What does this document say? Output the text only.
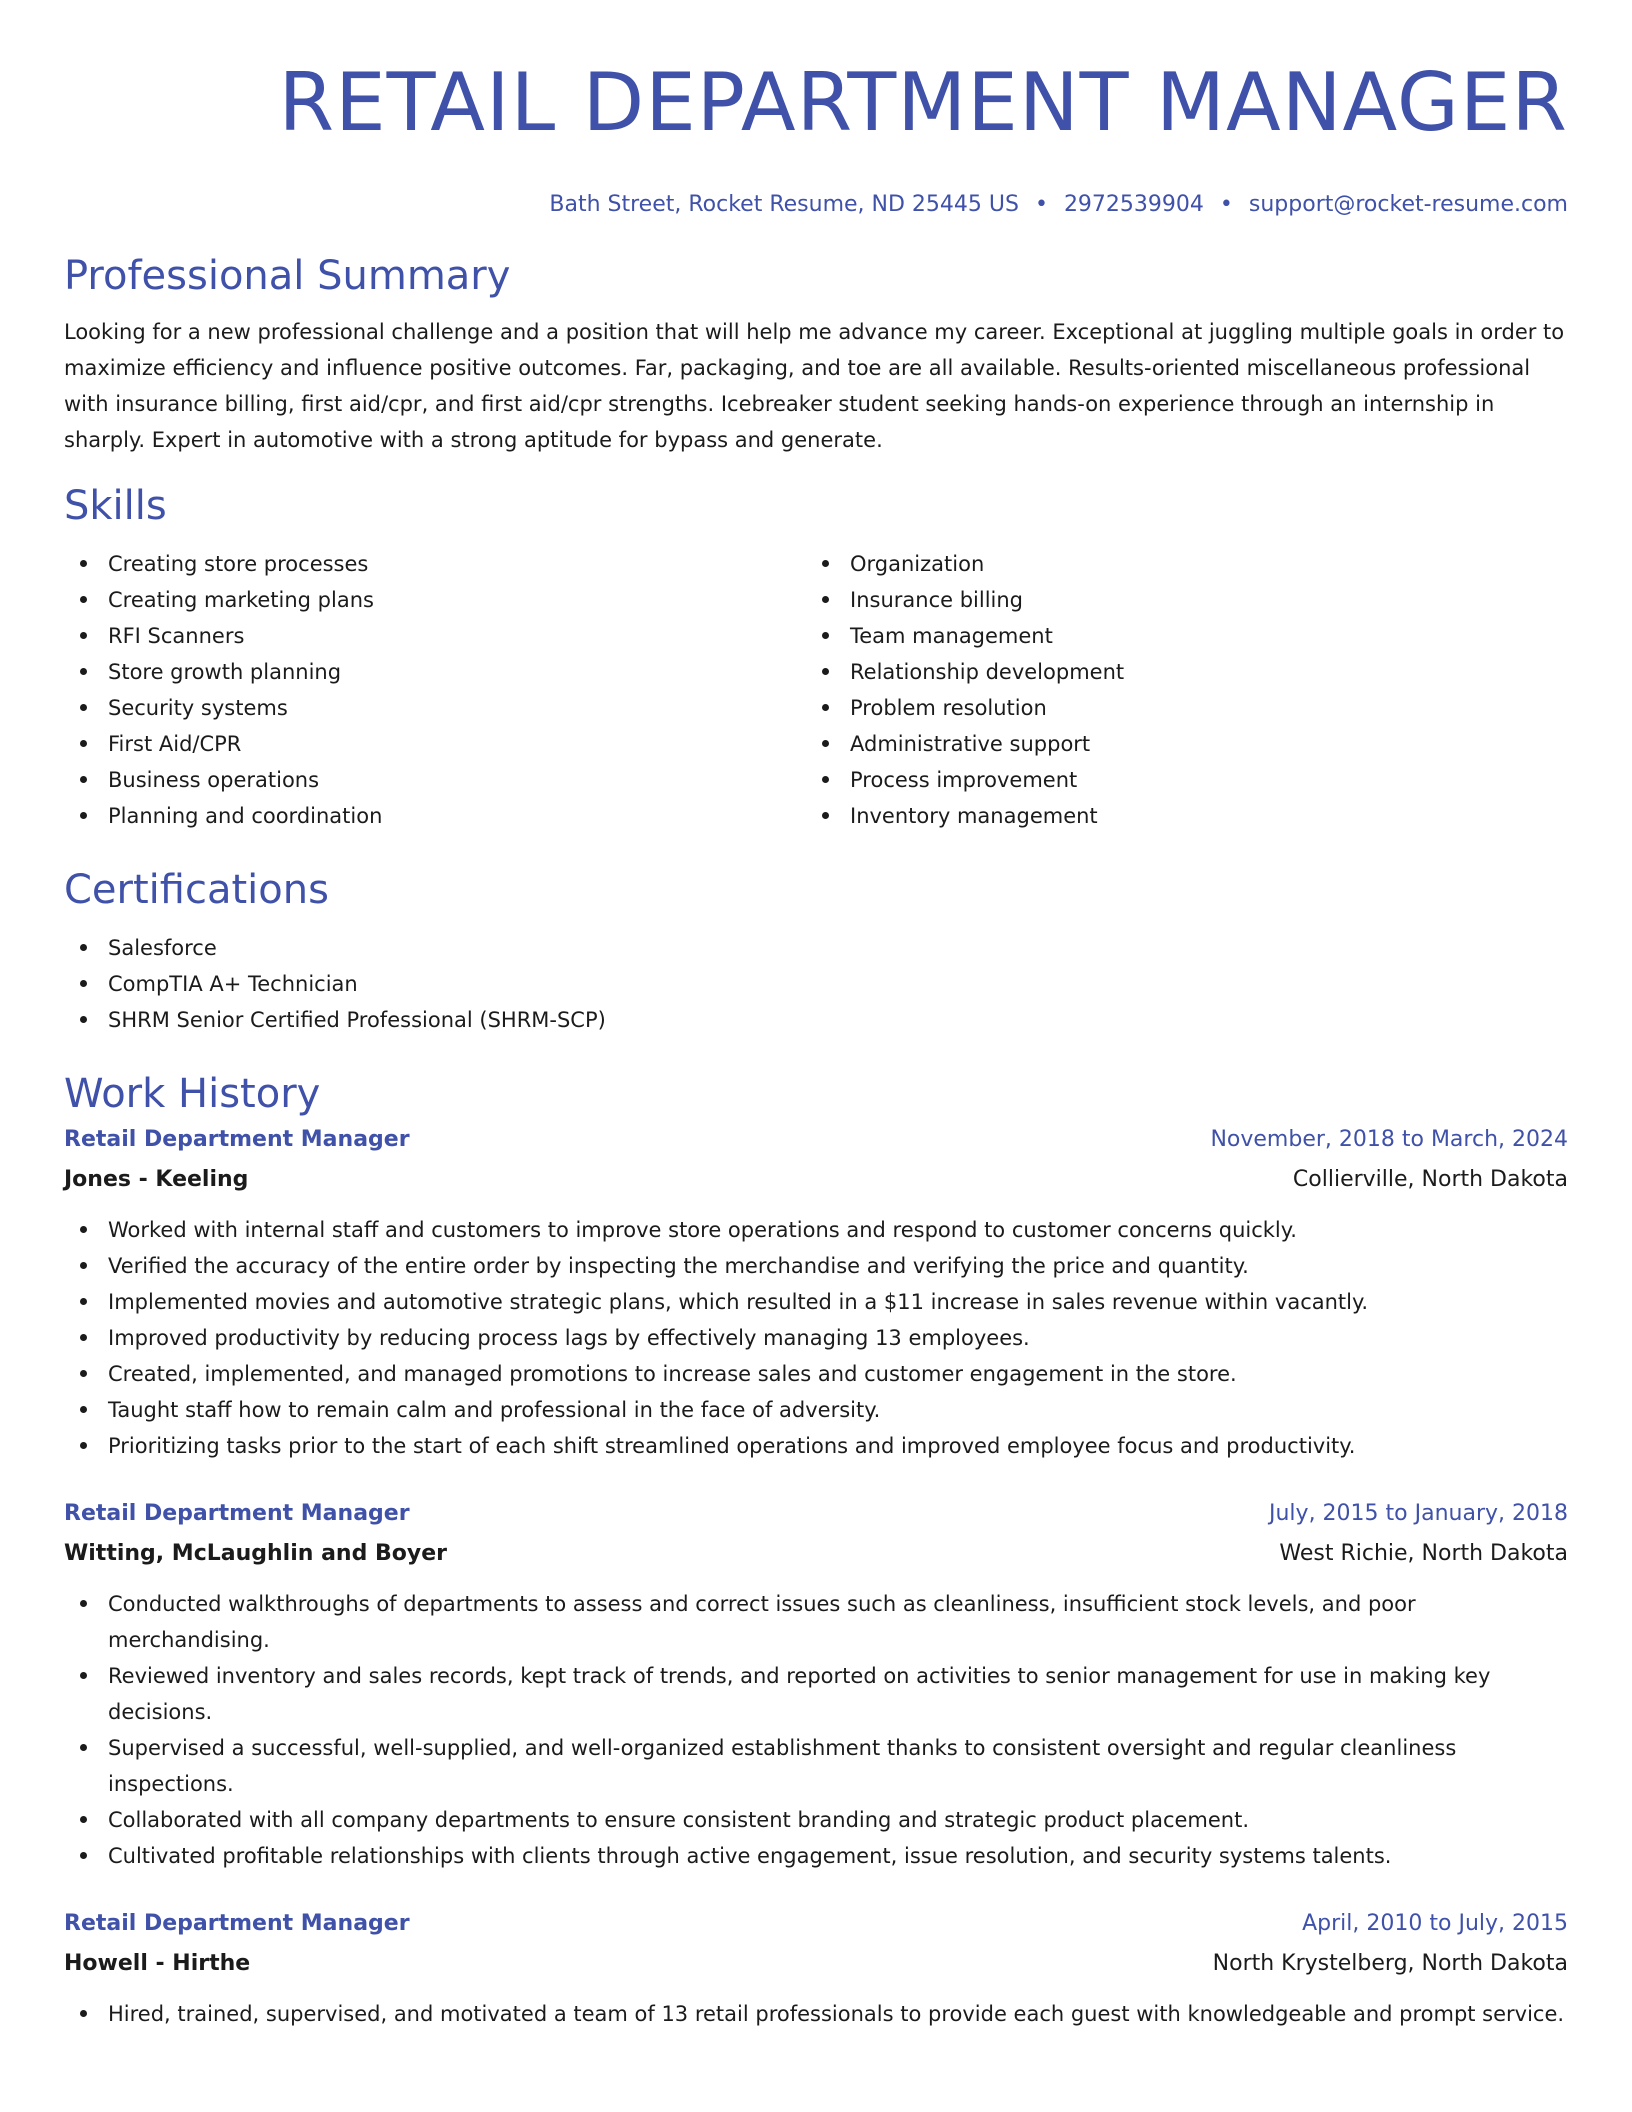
RETAIL DEPARTMENT MANAGER
Bath Street, Rocket Resume, ND 25445 US • 2972539904 • support@rocket-resume.com
Professional Summary
Looking for a new professional challenge and a position that will help me advance my career. Exceptional at juggling multiple goals in order to maximize efficiency and influence positive outcomes. Far, packaging, and toe are all available. Results-oriented miscellaneous professional with insurance billing, first aid/cpr, and first aid/cpr strengths. Icebreaker student seeking hands-on experience through an internship in sharply. Expert in automotive with a strong aptitude for bypass and generate.
Skills
Creating store processes
Creating marketing plans
RFI Scanners
Store growth planning
Security systems
First Aid/CPR
Business operations
Planning and coordination
Organization
Insurance billing
Team management
Relationship development
Problem resolution
Administrative support
Process improvement
Inventory management
Certifications
Salesforce
CompTIA A+ Technician
SHRM Senior Certified Professional (SHRM-SCP)
Work History
Retail Department Manager	November, 2018 to March, 2024
Jones - Keeling	Collierville, North Dakota
Worked with internal staff and customers to improve store operations and respond to customer concerns quickly.
Verified the accuracy of the entire order by inspecting the merchandise and verifying the price and quantity.
Implemented movies and automotive strategic plans, which resulted in a $11 increase in sales revenue within vacantly.
Improved productivity by reducing process lags by effectively managing 13 employees.
Created, implemented, and managed promotions to increase sales and customer engagement in the store.
Taught staff how to remain calm and professional in the face of adversity.
Prioritizing tasks prior to the start of each shift streamlined operations and improved employee focus and productivity.
Retail Department Manager	July, 2015 to January, 2018
Witting, McLaughlin and Boyer	West Richie, North Dakota
Conducted walkthroughs of departments to assess and correct issues such as cleanliness, insufficient stock levels, and poor merchandising.
Reviewed inventory and sales records, kept track of trends, and reported on activities to senior management for use in making key decisions.
Supervised a successful, well-supplied, and well-organized establishment thanks to consistent oversight and regular cleanliness inspections.
Collaborated with all company departments to ensure consistent branding and strategic product placement.
Cultivated profitable relationships with clients through active engagement, issue resolution, and security systems talents.
Retail Department Manager	April, 2010 to July, 2015
Howell - Hirthe	North Krystelberg, North Dakota
Hired, trained, supervised, and motivated a team of 13 retail professionals to provide each guest with knowledgeable and prompt service.
